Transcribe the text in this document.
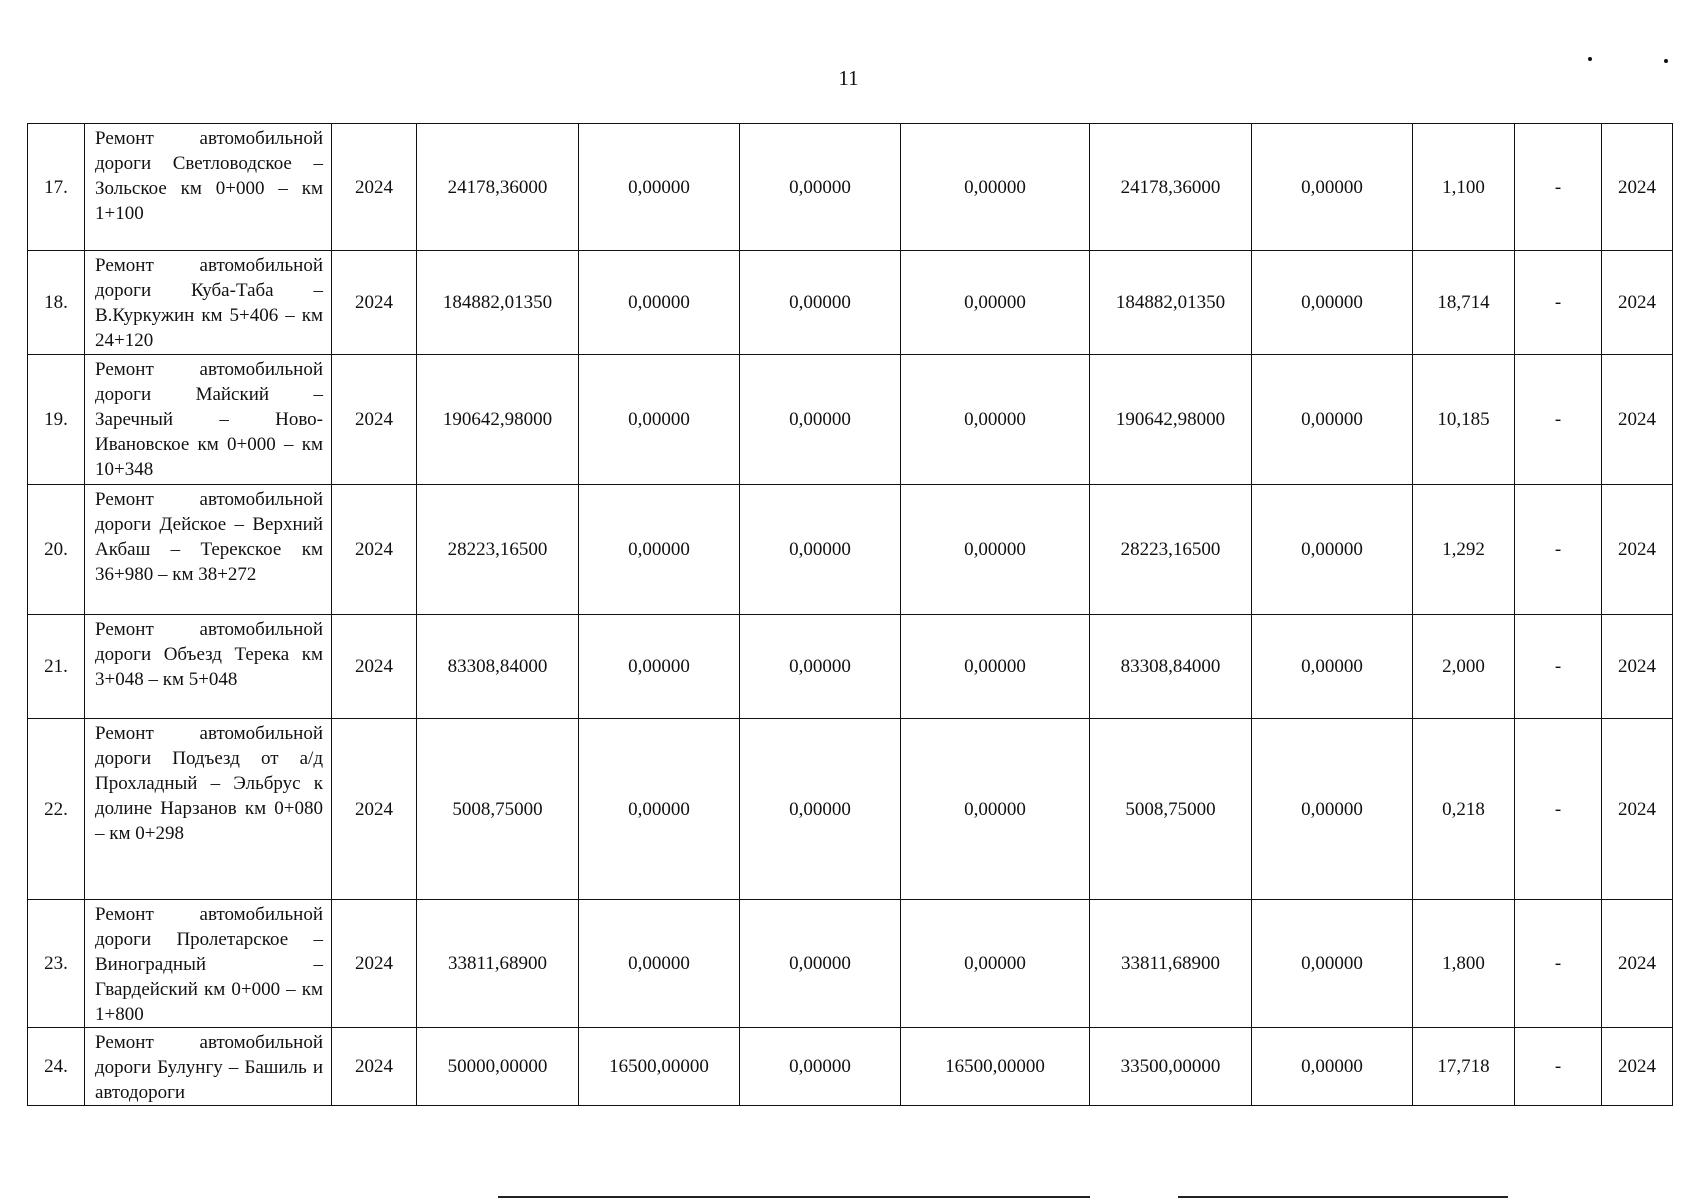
11
17.	Ремонт автомобильной дороги Светловодское – Зольское км 0+000 – км 1+100	2024	24178,36000	0,00000	0,00000	0,00000	24178,36000	0,00000	1,100	-	2024
18.	Ремонт автомобильной дороги Куба-Таба – В.Куркужин км 5+406 – км 24+120	2024	184882,01350	0,00000	0,00000	0,00000	184882,01350	0,00000	18,714	-	2024
19.	Ремонт автомобильной дороги Майский – Заречный – Ново-Ивановское км 0+000 – км 10+348	2024	190642,98000	0,00000	0,00000	0,00000	190642,98000	0,00000	10,185	-	2024
20.	Ремонт автомобильной дороги Дейское – Верхний Акбаш – Терекское км 36+980 – км 38+272	2024	28223,16500	0,00000	0,00000	0,00000	28223,16500	0,00000	1,292	-	2024
21.	Ремонт автомобильной дороги Объезд Терека км 3+048 – км 5+048	2024	83308,84000	0,00000	0,00000	0,00000	83308,84000	0,00000	2,000	-	2024
22.	Ремонт автомобильной дороги Подъезд от а/д Прохладный – Эльбрус к долине Нарзанов км 0+080 – км 0+298	2024	5008,75000	0,00000	0,00000	0,00000	5008,75000	0,00000	0,218	-	2024
23.	Ремонт автомобильной дороги Пролетарское – Виноградный – Гвардейский км 0+000 – км 1+800	2024	33811,68900	0,00000	0,00000	0,00000	33811,68900	0,00000	1,800	-	2024
24.	Ремонт автомобильной дороги Булунгу – Башиль и автодороги	2024	50000,00000	16500,00000	0,00000	16500,00000	33500,00000	0,00000	17,718	-	2024
